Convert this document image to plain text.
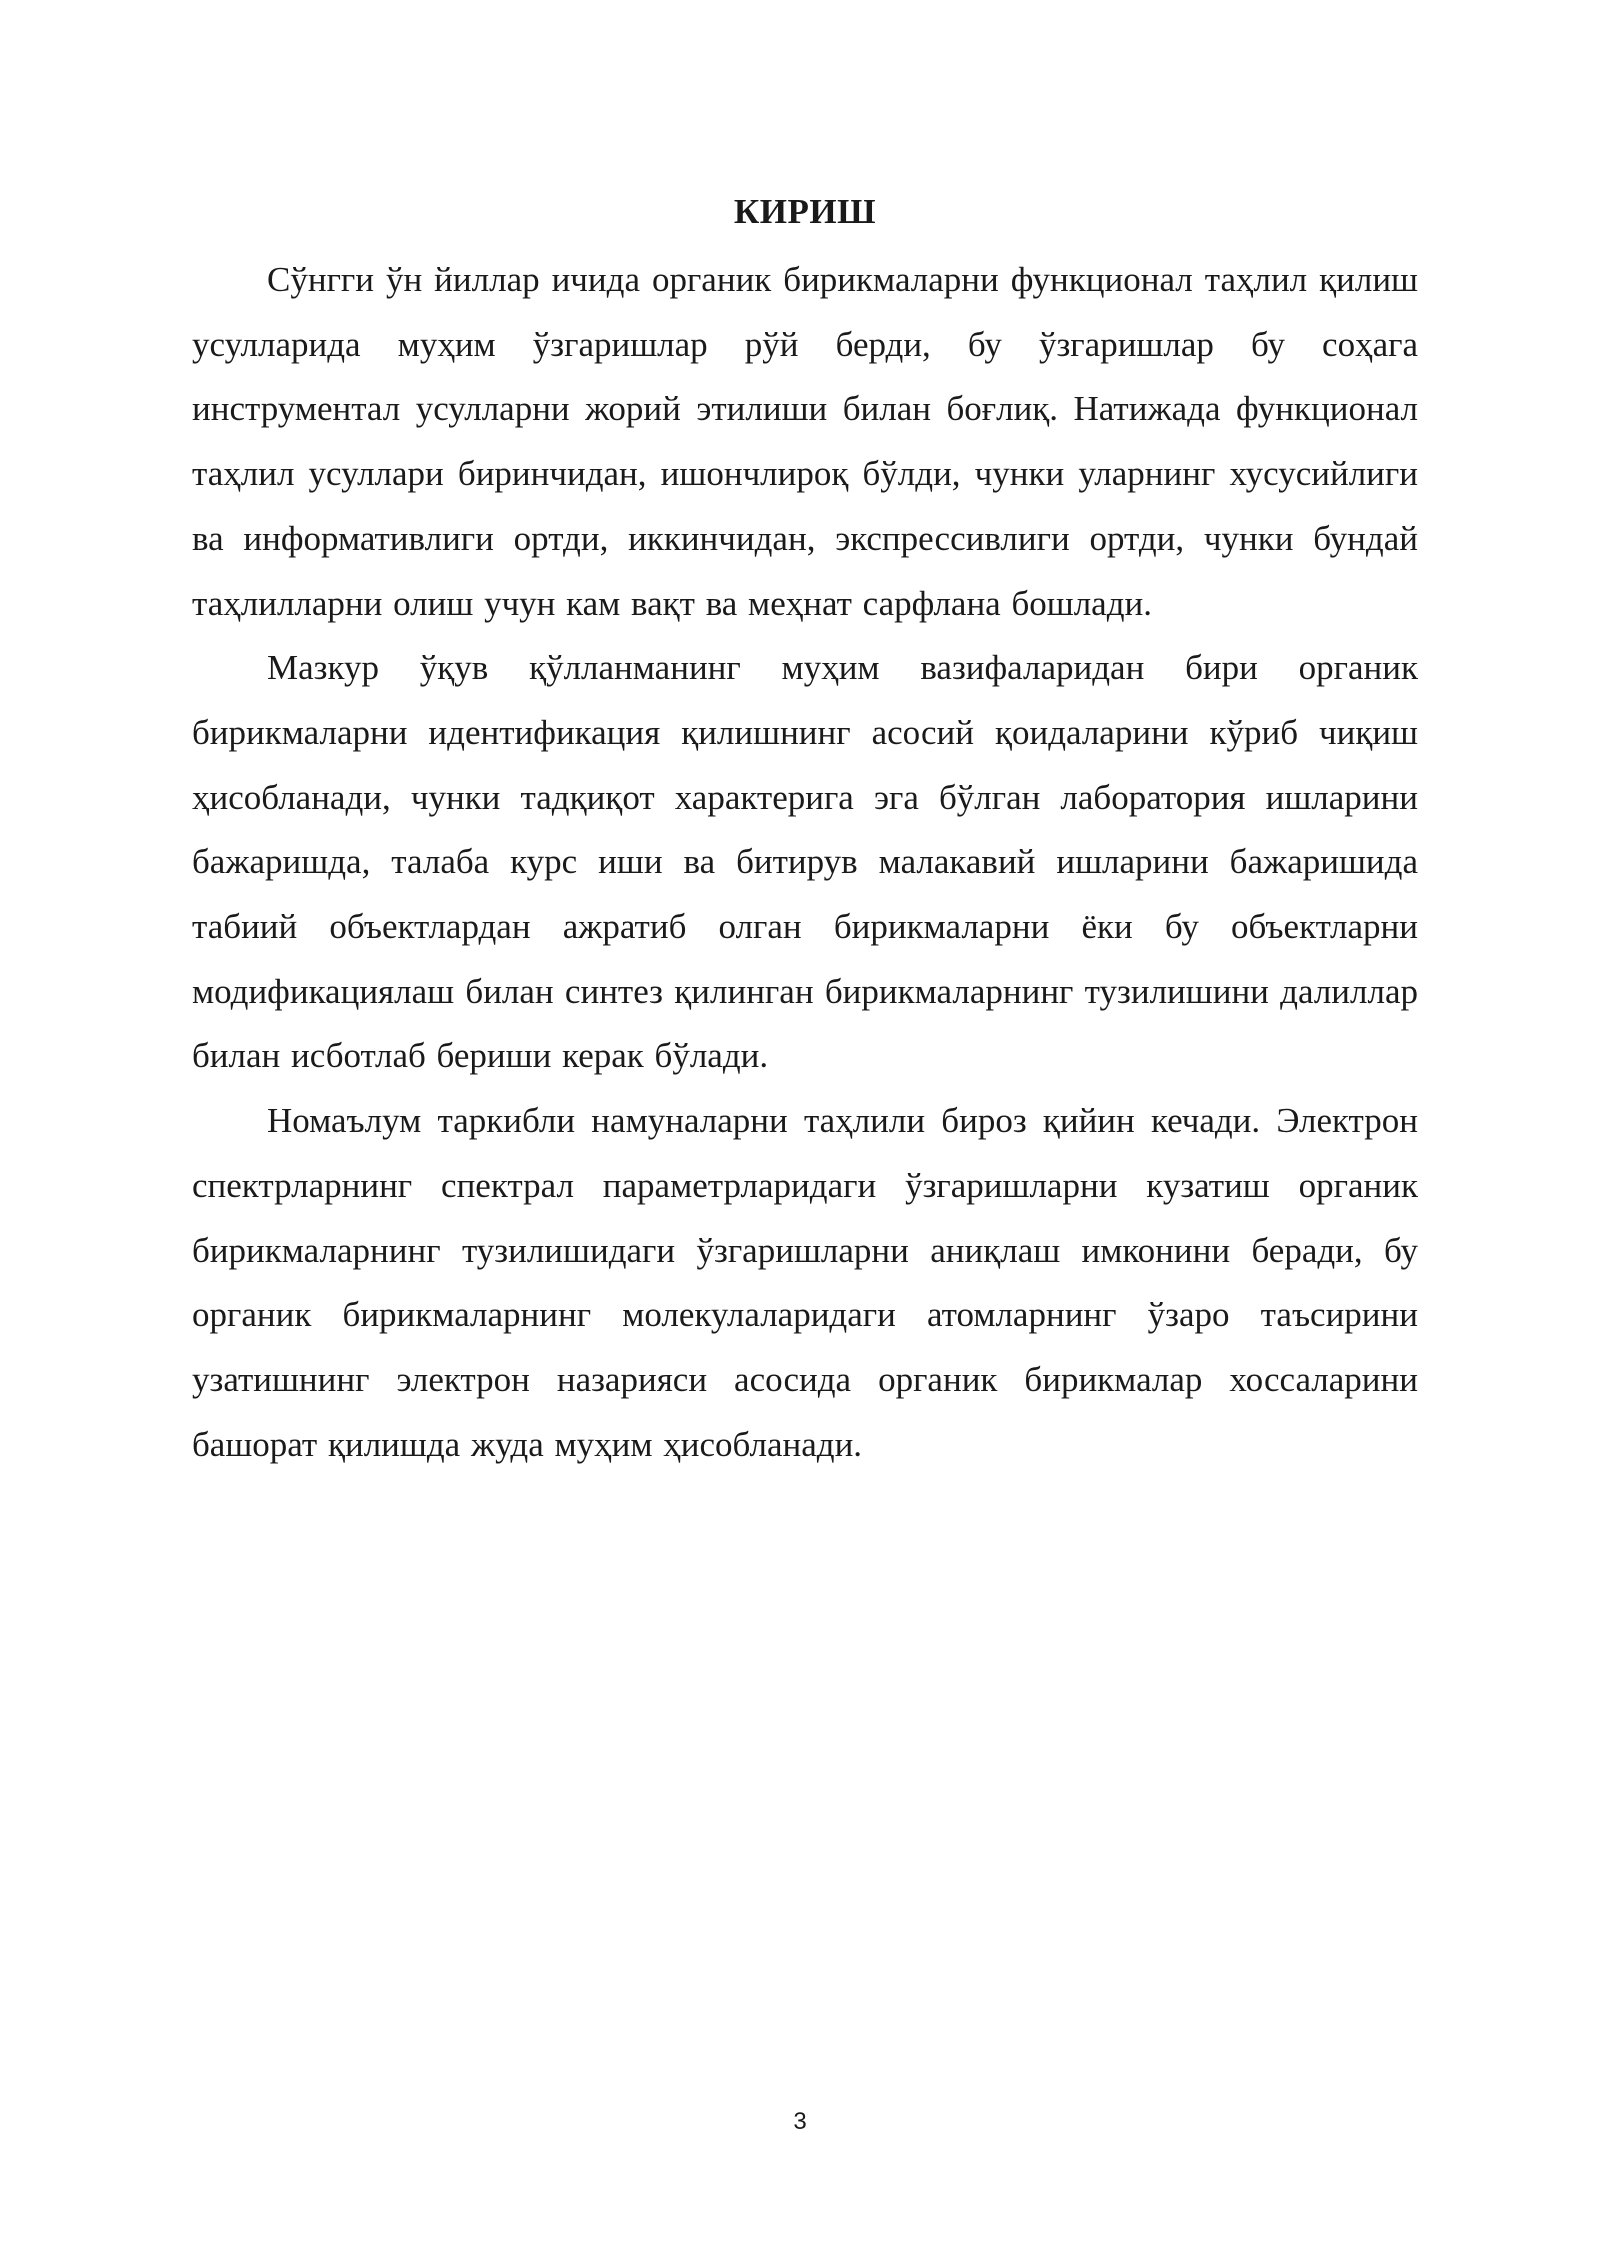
КИРИШ

Сўнгги ўн йиллар ичида органик бирикмаларни функционал таҳлил қилиш усулларида муҳим ўзгаришлар рўй берди, бу ўзгаришлар бу соҳага инструментал усулларни жорий этилиши билан боғлиқ. Натижада функционал таҳлил усуллари биринчидан, ишончлироқ бўлди, чунки уларнинг хусусийлиги ва информативлиги ортди, иккинчидан, экспрессивлиги ортди, чунки бундай таҳлилларни олиш учун кам вақт ва меҳнат сарфлана бошлади.

Мазкур ўқув қўлланманинг муҳим вазифаларидан бири органик бирикмаларни идентификация қилишнинг асосий қоидаларини кўриб чиқиш ҳисобланади, чунки тадқиқот характерига эга бўлган лаборатория ишларини бажаришда, талаба курс иши ва битирув малакавий ишларини бажаришида табиий объектлардан ажратиб олган бирикмаларни ёки бу объектларни модификациялаш билан синтез қилинган бирикмаларнинг тузилишини далиллар билан исботлаб бериши керак бўлади.

Номаълум таркибли намуналарни таҳлили бироз қийин кечади. Электрон спектрларнинг спектрал параметрларидаги ўзгаришларни кузатиш органик бирикмаларнинг тузилишидаги ўзгаришларни аниқлаш имконини беради, бу органик бирикмаларнинг молекулаларидаги атомларнинг ўзаро таъсирини узатишнинг электрон назарияси асосида органик бирикмалар хоссаларини башорат қилишда жуда муҳим ҳисобланади.

3
